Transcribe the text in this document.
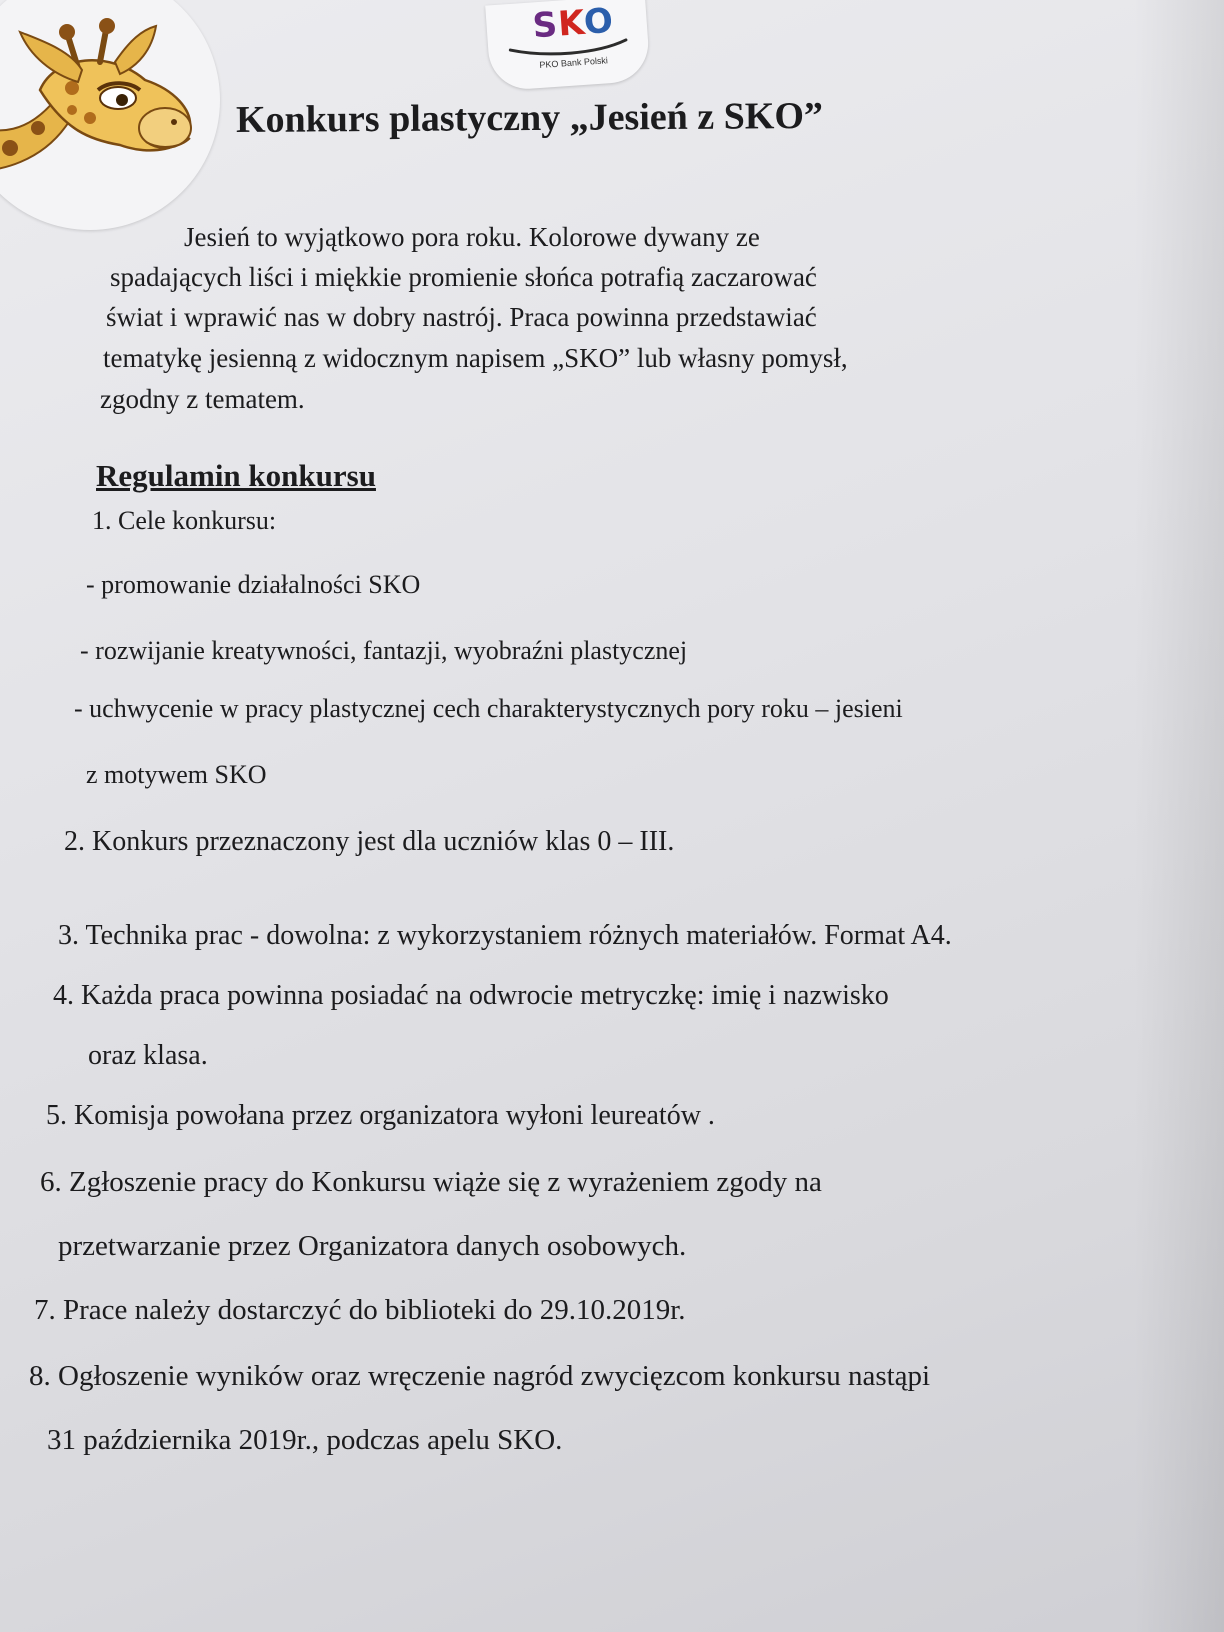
SKO
PKO Bank Polski
Konkurs plastyczny „Jesień z SKO”
Jesień to wyjątkowo pora roku. Kolorowe dywany ze
spadających liści i miękkie promienie słońca potrafią zaczarować
świat i wprawić nas w dobry nastrój. Praca powinna przedstawiać
tematykę jesienną z widocznym napisem „SKO” lub własny pomysł,
zgodny z tematem.
Regulamin konkursu
1. Cele konkursu:
- promowanie działalności SKO
- rozwijanie kreatywności, fantazji, wyobraźni plastycznej
- uchwycenie w pracy plastycznej cech charakterystycznych pory roku – jesieni
z motywem SKO
2. Konkurs przeznaczony jest dla uczniów klas 0 – III.
3. Technika prac - dowolna: z wykorzystaniem różnych materiałów. Format A4.
4. Każda praca powinna posiadać na odwrocie metryczkę: imię i nazwisko
oraz klasa.
5. Komisja powołana przez organizatora wyłoni leureatów .
6. Zgłoszenie pracy do Konkursu wiąże się z wyrażeniem zgody na
przetwarzanie przez Organizatora danych osobowych.
7. Prace należy dostarczyć do biblioteki do 29.10.2019r.
8. Ogłoszenie wyników oraz wręczenie nagród zwycięzcom konkursu nastąpi
31 października 2019r., podczas apelu SKO.
